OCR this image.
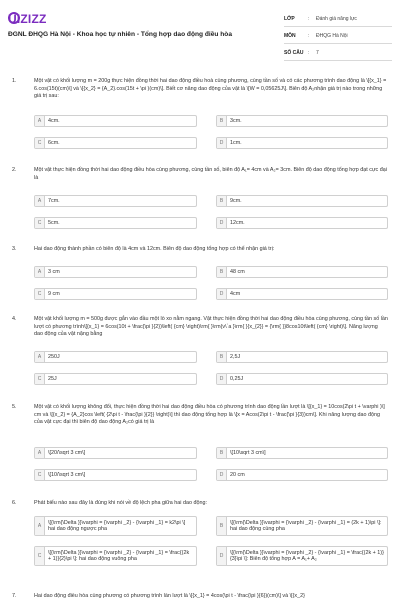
UIZIZZ
ĐGNL ĐHQG Hà Nội - Khoa học tự nhiên - Tổng hợp dao động điều hòa
LỚP	:	Đánh giá năng lực
MÔN	:	ĐHQG Hà Nội
SỐ CÂU :	7
1.	Một vật có khối lượng m = 200g thực hiện đồng thời hai dao động điều hoà cùng phương, cùng tần số và có các phương trình dao động là \[{x_1} = 6.cos(15t)(cm)\] và \[{x_2} = {A_2}.cos(15t + \pi )(cm)\]. Biết cơ năng dao động của vật là \[W = 0,05625J\]. Biên độ A₂nhận giá trị nào trong những giá trị sau:
A	4cm.	B	3cm.
C	6cm.	D	1cm.
2.	Một vật thực hiện đồng thời hai dao động điều hòa cùng phương, cùng tần số, biên độ A₁= 4cm và A₂= 3cm. Biên độ dao động tổng hợp đạt cực đại là
A	7cm.	B	9cm.
C	5cm.	D	12cm.
3.	Hai dao động thành phần có biên độ là 4cm và 12cm. Biên độ dao động tổng hợp có thể nhận giá trị:
A	3 cm	B	48 cm
C	9 cm	D	4cm
4.	Một vật khối lượng m = 500g được gắn vào đầu một lò xo nằm ngang. Vật thực hiện đồng thời hai dao động điều hòa cùng phương, cùng tần số lần lượt có phương trình\[{x_1} = 6cos(10t + \frac{\pi }{2})\left( {cm} \right)\rm{ }\rm{v\`a }\rm{ }{x_{2}} = {\rm{ }}8cos10t\left( {cm} \right)\]. Năng lượng dao động của vật nặng bằng
A	250J	B	2,5J
C	25J	D	0,25J
5.	Một vật có khối lượng không đổi, thực hiện đồng thời hai dao động điều hòa có phương trình dao động lần lượt là \[{x_1} = 10cos(2\pi t + \varphi )\] cm và \[{x_2} = {A_2}cos \left( {2\pi t - \frac{\pi }{2}} \right)\] thì dao động tổng hợp là \[x = Acos(2\pi t - \frac{\pi }{3})cm\]. Khi năng lượng dao động của vật cực đại thì biên độ dao động A₂có giá trị là
A	\[20/\sqrt 3 cm\]	B	\[10\sqrt 3 cm\]
C	\[10/\sqrt 3 cm\]	D	20 cm
6.	Phát biểu nào sau đây là đúng khi nói về độ lệch pha giữa hai dao động:
A
\[{\rm{\Delta }}\varphi = {\varphi _2} - {\varphi _1} = k2\pi \] hai dao động ngược pha	B
\[{\rm{\Delta }}\varphi = {\varphi _2} - {\varphi _1} = (2k + 1)\pi \]: hai dao động cùng pha
C
\[{\rm{\Delta }}\varphi = {\varphi _2} - {\varphi _1} = \frac{(2k + 1)}{2}\pi \]: hai dao động vuông pha	D
\[{\rm{\Delta }}\varphi = {\varphi _2} - {\varphi _1} = \frac{(2k + 1)}{3}\pi \]: Biên độ tổng hợp A = A₁+ A₂
7.	Hai dao động điều hòa cùng phương có phương trình lần lượt là \[{x_1} = 4cos(\pi t - \frac{\pi }{6})(cm)\] và \[{x_2}
